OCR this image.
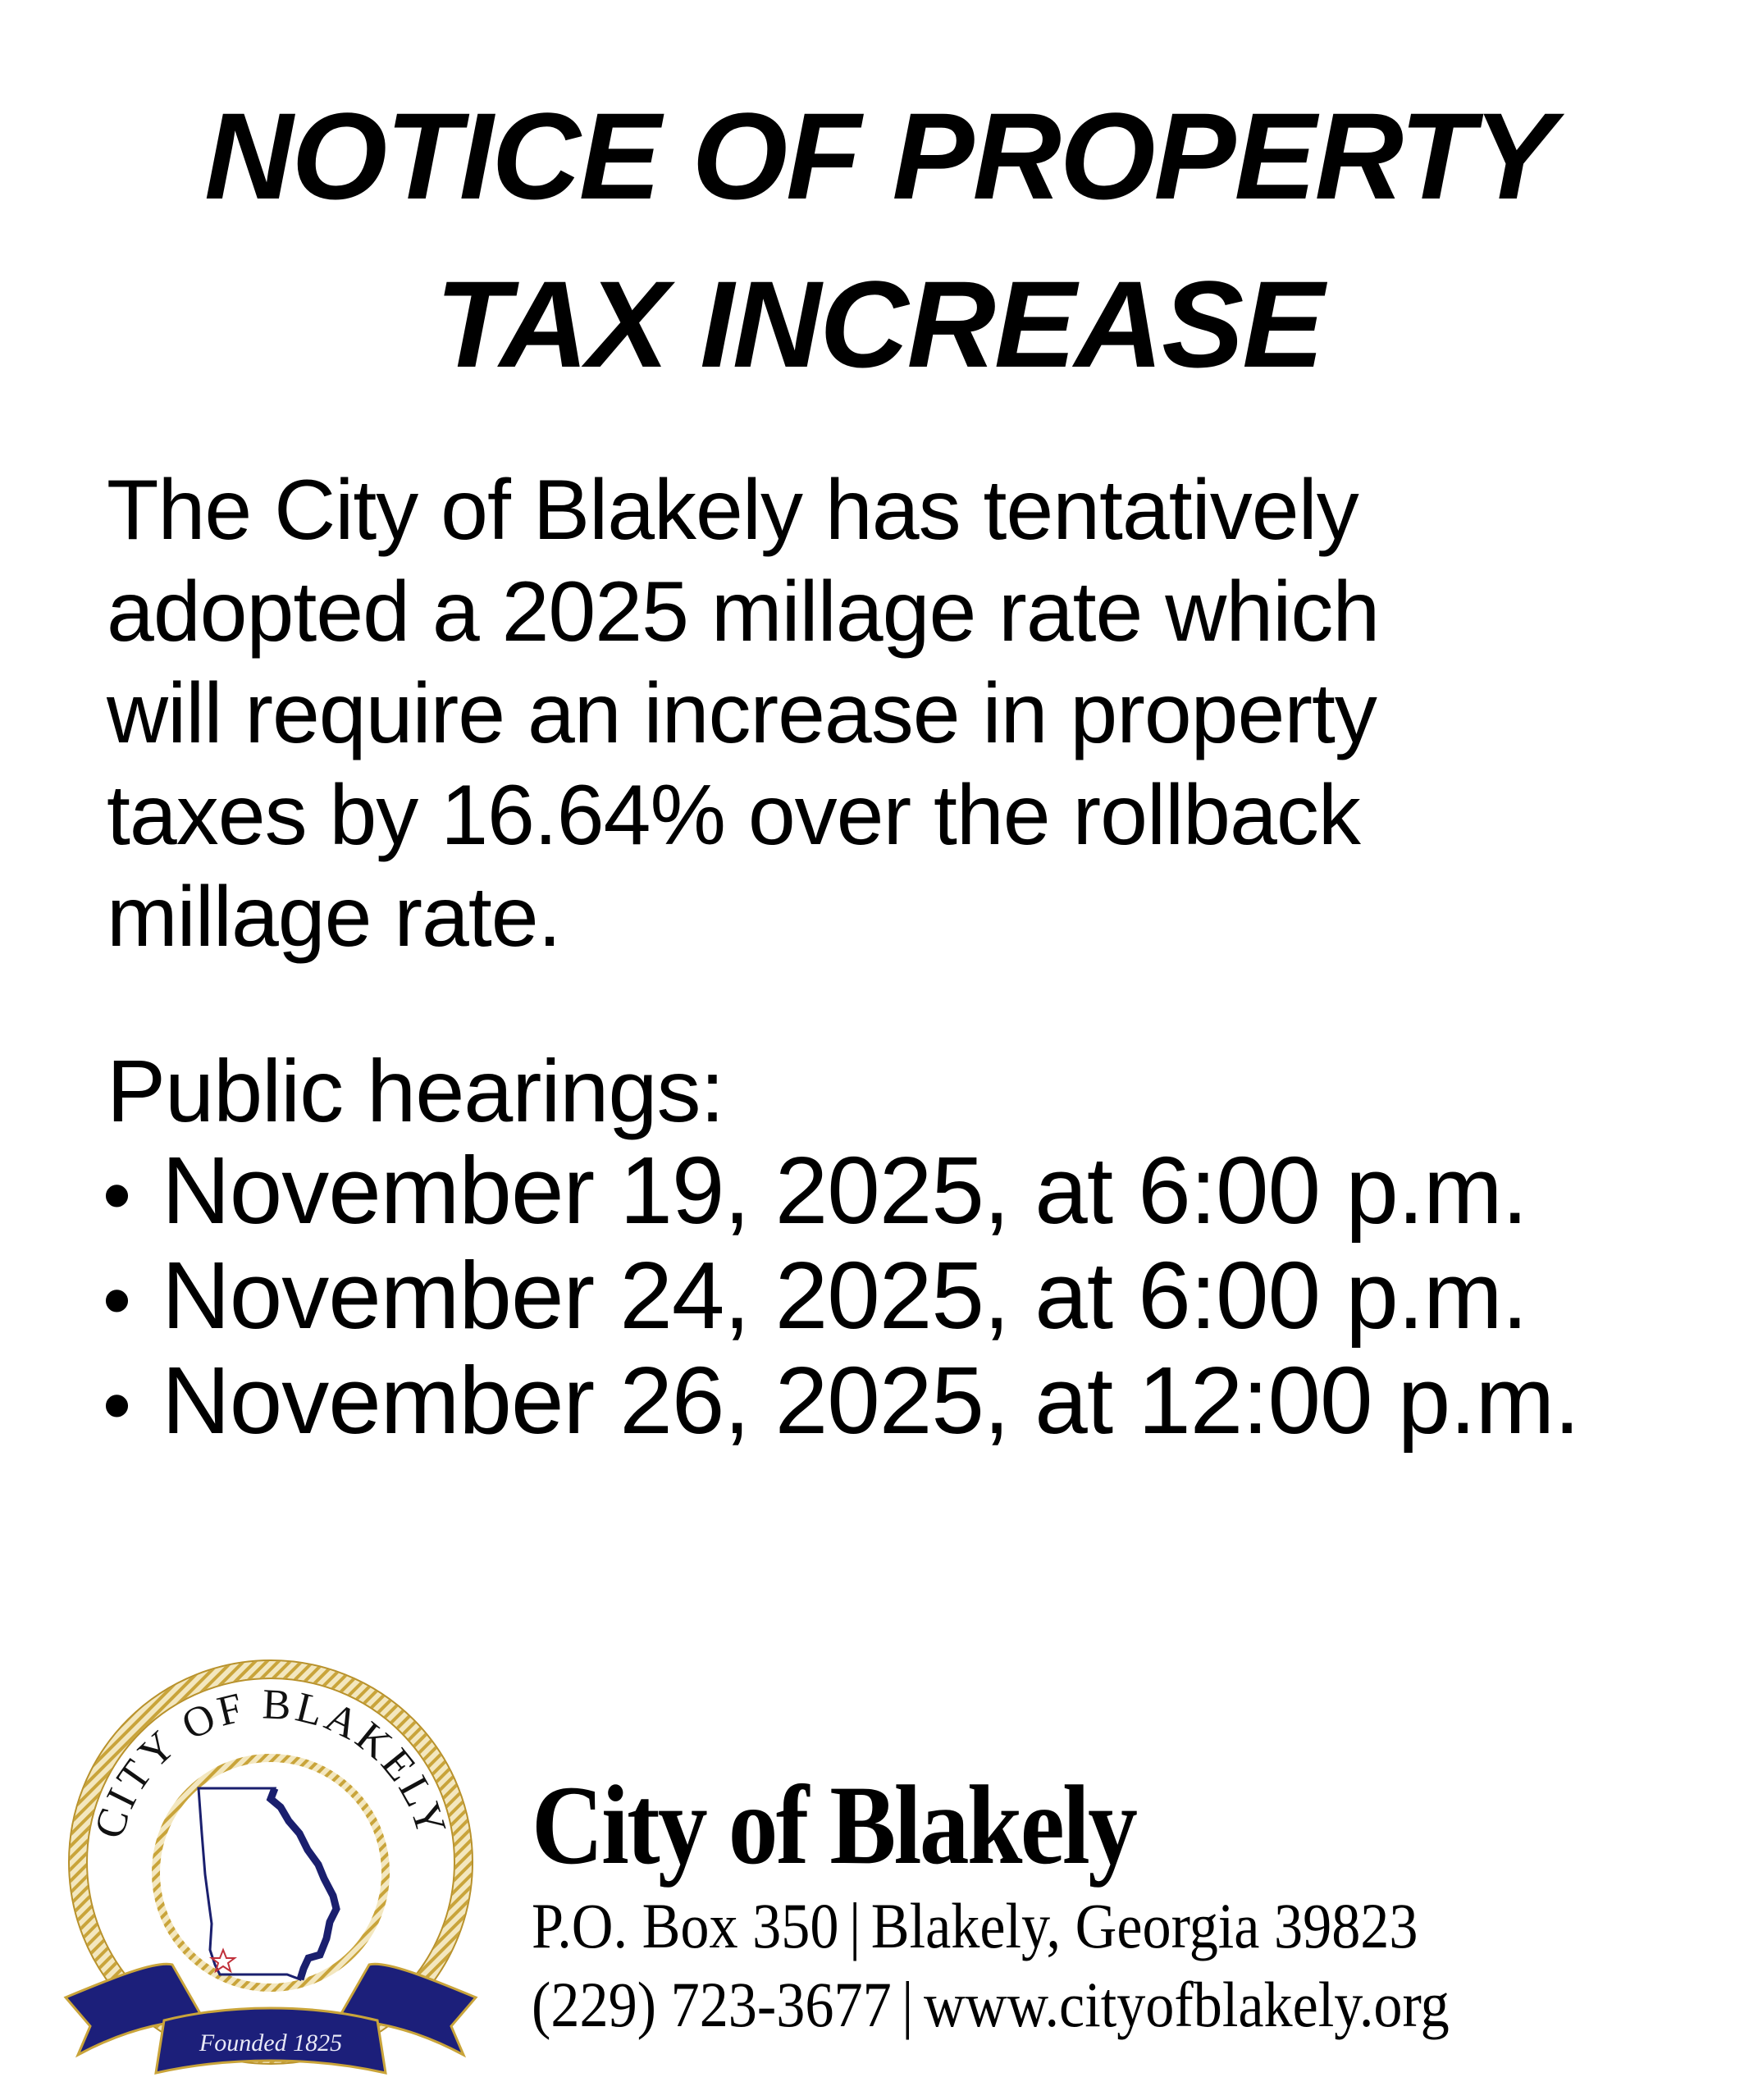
NOTICE OF PROPERTY
TAX INCREASE

The City of Blakely has tentatively
adopted a 2025 millage rate which
will require an increase in property
taxes by 16.64% over the rollback
millage rate.

Public hearings:

• November 19, 2025, at 6:00 p.m.
• November 24, 2025, at 6:00 p.m.
• November 26, 2025, at 12:00 p.m.
CITY OF BLAKELY
Founded 1825

City of Blakely

P.O. Box 350 | Blakely, Georgia 39823

(229) 723-3677 | www.cityofblakely.org
